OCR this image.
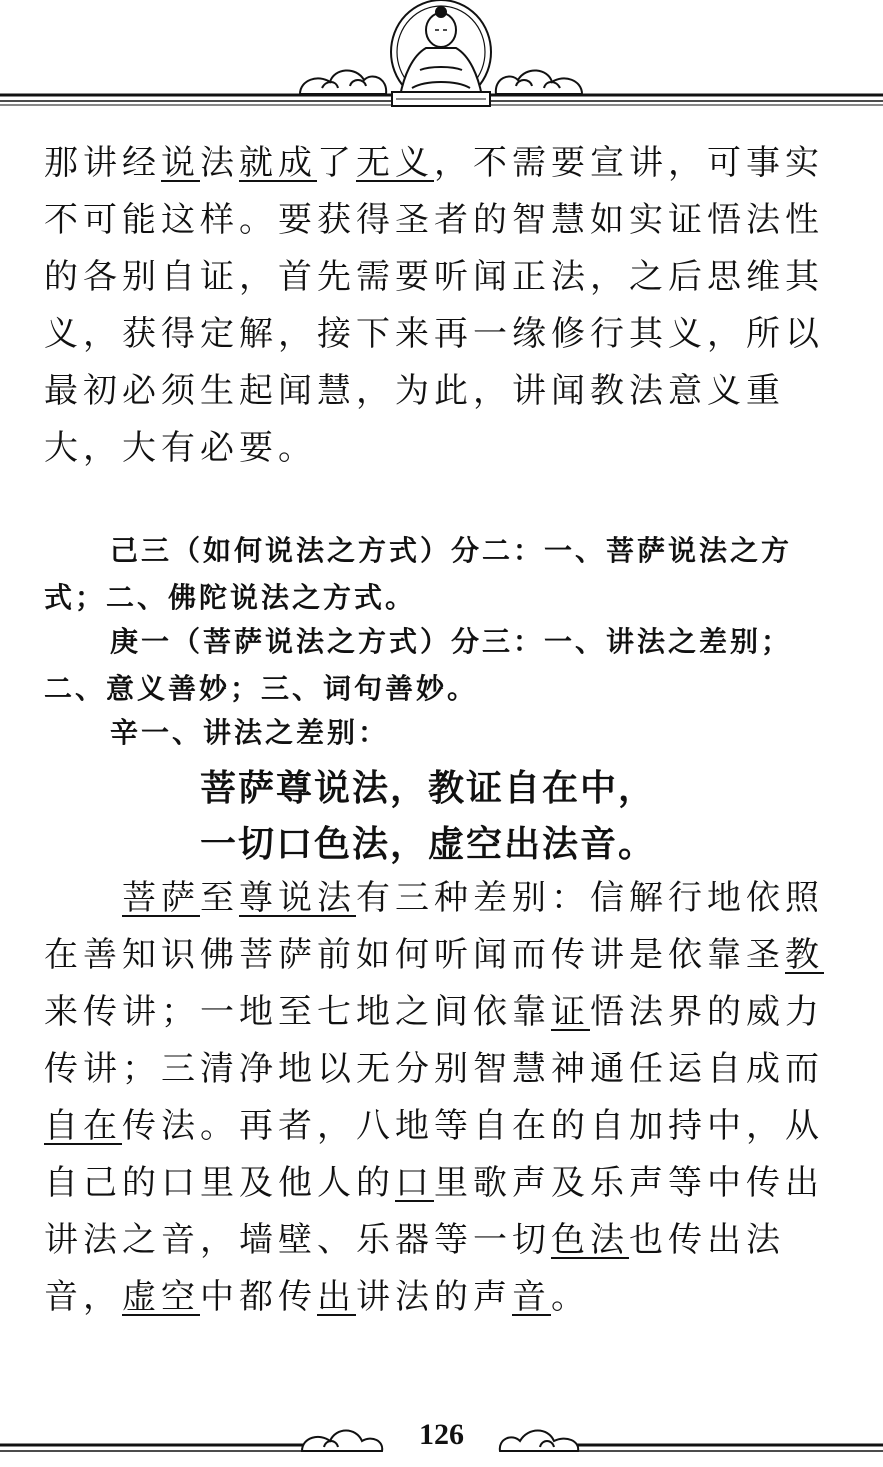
那讲经说法就成了无义，不需要宣讲，可事实不可能这样。要获得圣者的智慧如实证悟法性的各别自证，首先需要听闻正法，之后思维其义，获得定解，接下来再一缘修行其义，所以最初必须生起闻慧，为此，讲闻教法意义重大，大有必要。

己三（如何说法之方式）分二：一、菩萨说法之方式；二、佛陀说法之方式。

庚一（菩萨说法之方式）分三：一、讲法之差别；二、意义善妙；三、词句善妙。

辛一、讲法之差别：

菩萨尊说法，教证自在中，

一切口色法，虚空出法音。

菩萨至尊说法有三种差别：信解行地依照在善知识佛菩萨前如何听闻而传讲是依靠圣教来传讲；一地至七地之间依靠证悟法界的威力传讲；三清净地以无分别智慧神通任运自成而自在传法。再者，八地等自在的自加持中，从自己的口里及他人的口里歌声及乐声等中传出讲法之音，墙壁、乐器等一切色法也传出法音，虚空中都传出讲法的声音。

126
